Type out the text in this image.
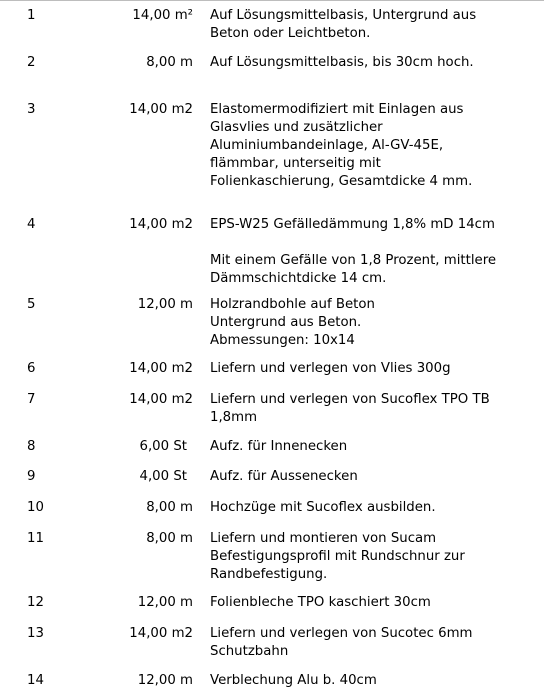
1	14,00 m² Auf Lösungsmittelbasis, Untergrund aus
Beton oder Leichtbeton.
2	8,00 m Auf Lösungsmittelbasis, bis 30cm hoch.
3	14,00 m2 Elastomermodifiziert mit Einlagen aus
Glasvlies und zusätzlicher
Aluminiumbandeinlage, Al-GV-45E,
flämmbar, unterseitig mit
Folienkaschierung, Gesamtdicke 4 mm.
4	14,00 m2 EPS-W25 Gefälledämmung 1,8% mD 14cm

Mit einem Gefälle von 1,8 Prozent, mittlere
Dämmschichtdicke 14 cm.
5	12,00 m Holzrandbohle auf Beton
Untergrund aus Beton.
Abmessungen: 10x14
6	14,00 m2 Liefern und verlegen von Vlies 300g
7	14,00 m2 Liefern und verlegen von Sucoflex TPO TB
1,8mm
8	6,00 St Aufz. für Innenecken
9	4,00 St Aufz. für Aussenecken
10	8,00 m Hochzüge mit Sucoflex ausbilden.
11	8,00 m Liefern und montieren von Sucam
Befestigungsprofil mit Rundschnur zur
Randbefestigung.
12	12,00 m Folienbleche TPO kaschiert 30cm
13	14,00 m2 Liefern und verlegen von Sucotec 6mm
Schutzbahn
14	12,00 m Verblechung Alu b. 40cm
